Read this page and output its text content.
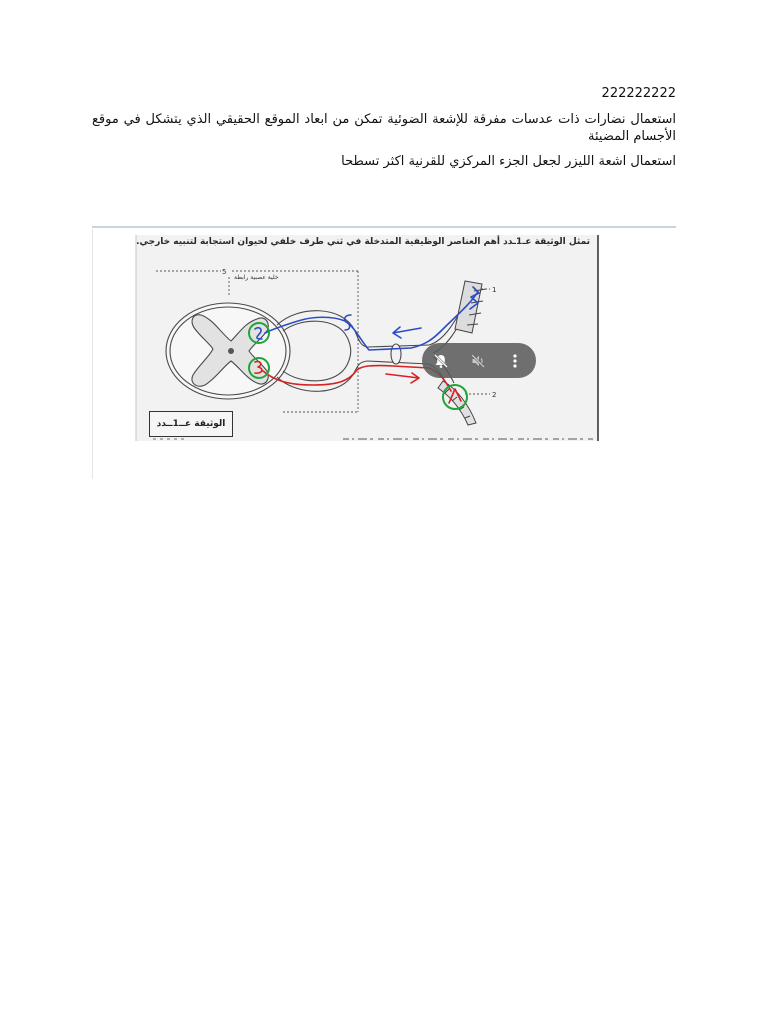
222222222

استعمال نضارات ذات عدسات مفرقة للإشعة الضوئية تمكن من ابعاد الموقع الحقيقي الذي يتشكل في موقع الأجسام المضيئة

استعمال اشعة الليزر لجعل الجزء المركزي للقرنية اكثر تسطحا

5
1
2
تمثل الوثيقة عـ1ـدد أهم العناصر الوظيفية المتدخلة في ثني طرف خلفي لحيوان استجابة لتنبيه خارجي.
خلية عصبية رابطة
الوثيقة عــ1ــدد
